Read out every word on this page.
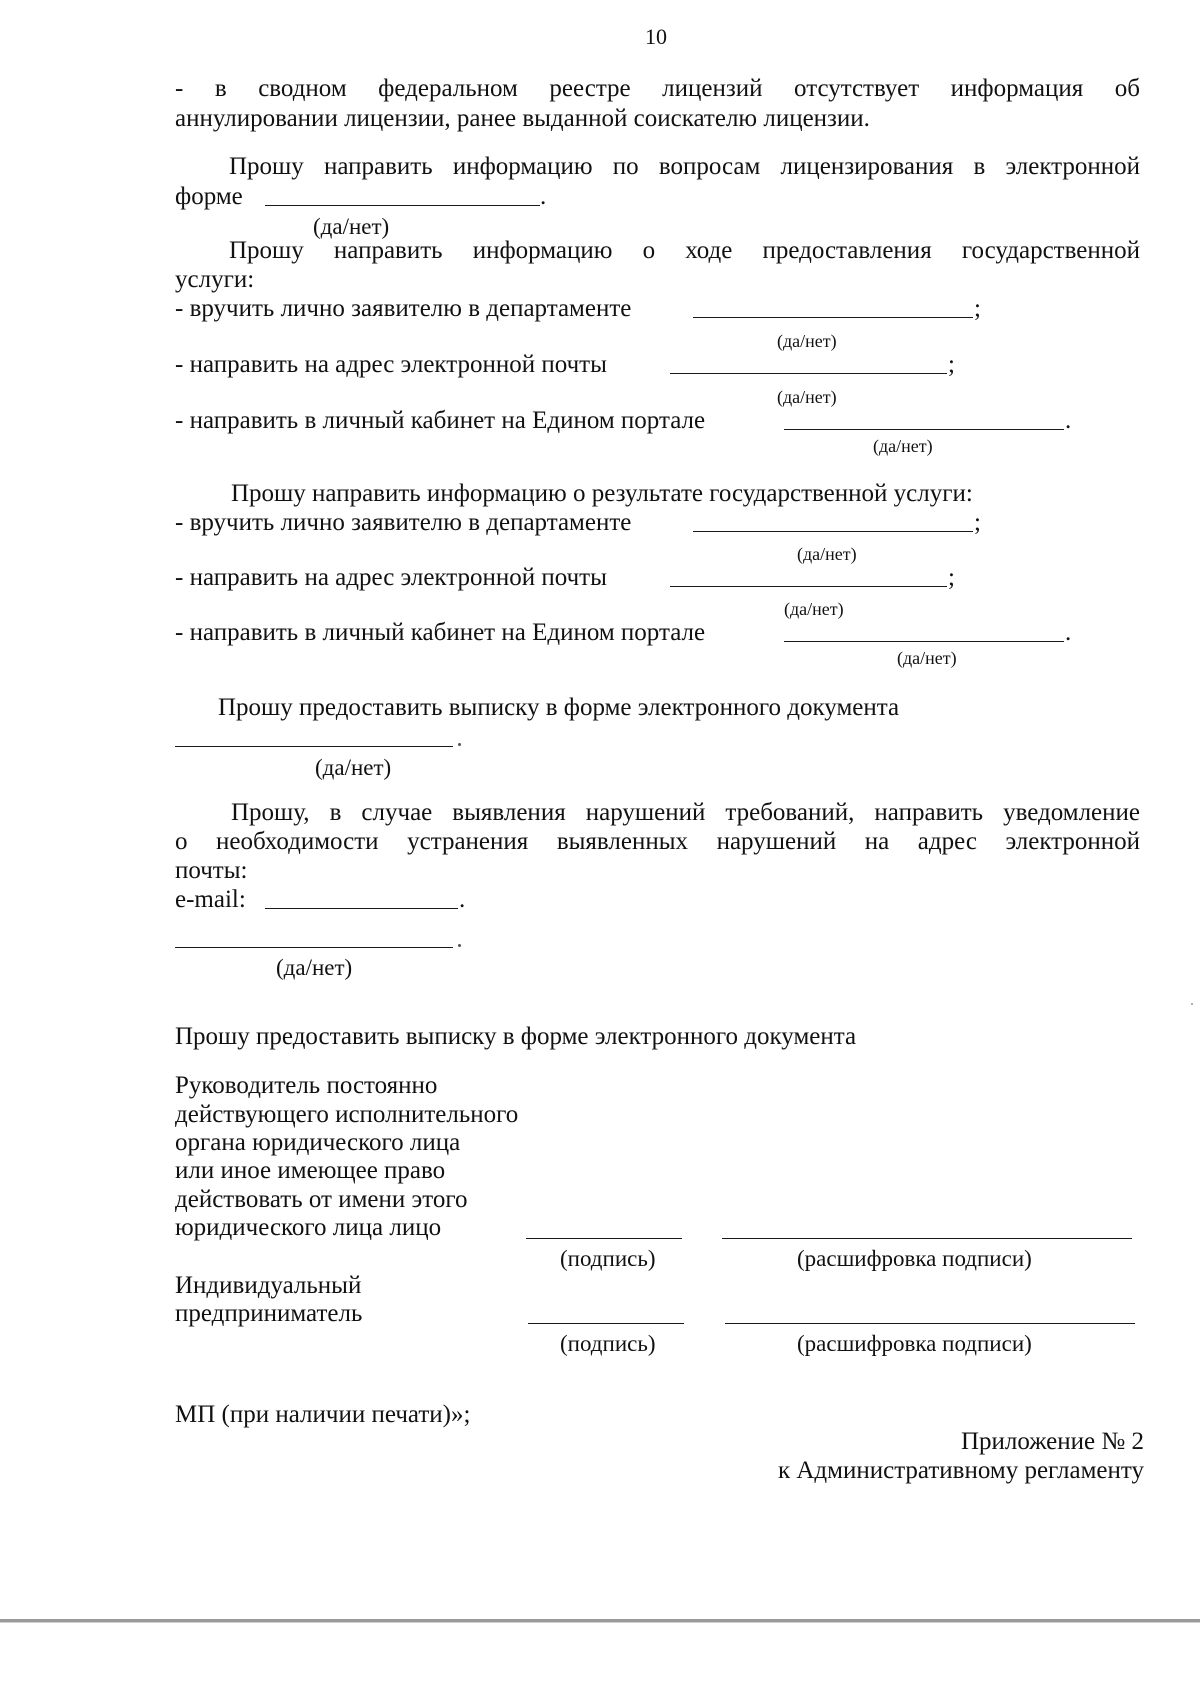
10
- в сводном федеральном реестре лицензий отсутствует информация об
аннулировании лицензии, ранее выданной соискателю лицензии.
Прошу направить информацию по вопросам лицензирования в электронной
форме	.
(да/нет)
Прошу направить информацию о ходе предоставления государственной
услуги:
- вручить лично заявителю в департаменте	;
(да/нет)
- направить на адрес электронной почты	;
(да/нет)
- направить в личный кабинет на Едином портале	.
(да/нет)
Прошу направить информацию о результате государственной услуги:
- вручить лично заявителю в департаменте	;
(да/нет)
- направить на адрес электронной почты	;
(да/нет)
- направить в личный кабинет на Едином портале	.
(да/нет)
Прошу предоставить выписку в форме электронного документа
(да/нет)
Прошу, в случае выявления нарушений требований, направить уведомление
о необходимости устранения выявленных нарушений на адрес электронной
почты:
e-mail:	.
(да/нет)
Прошу предоставить выписку в форме электронного документа
Руководитель постоянно
действующего исполнительного
органа юридического лица
или иное имеющее право
действовать от имени этого
юридического лица лицо
(подпись)	(расшифровка подписи)
Индивидуальный
предприниматель
(подпись)	(расшифровка подписи)
МП (при наличии печати)»;
Приложение № 2
к Административному регламенту
